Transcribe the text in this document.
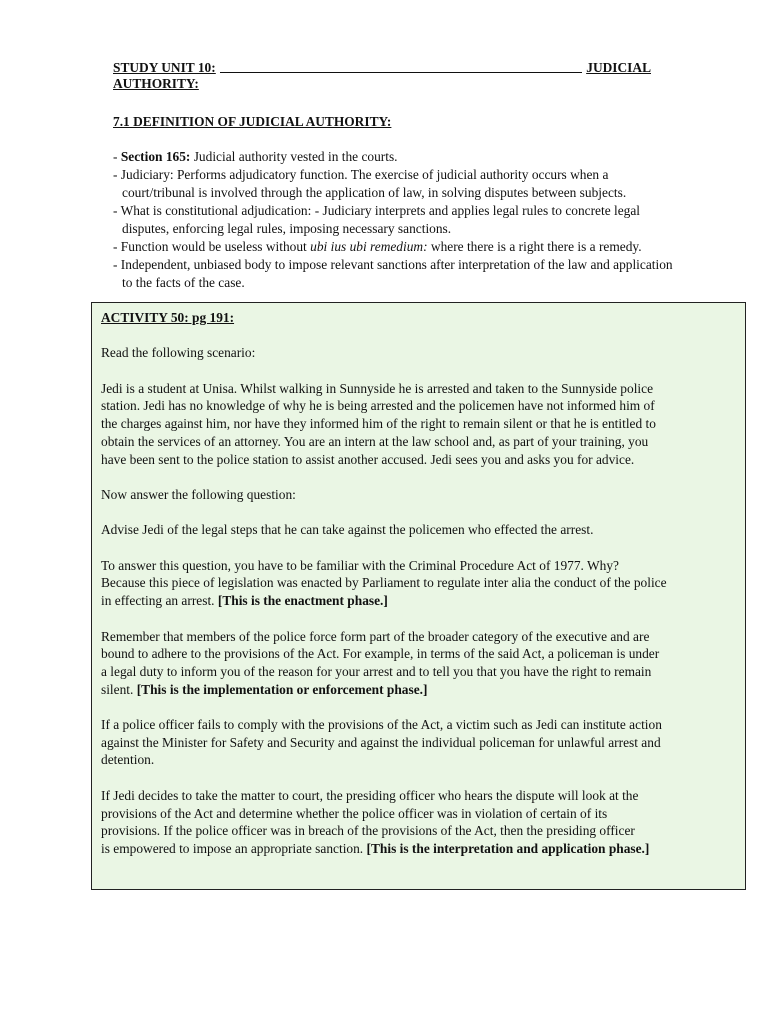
STUDY UNIT 10:	JUDICIAL
AUTHORITY:
7.1 DEFINITION OF JUDICIAL AUTHORITY:
- Section 165: Judicial authority vested in the courts.
- Judiciary: Performs adjudicatory function. The exercise of judicial authority occurs when a
court/tribunal is involved through the application of law, in solving disputes between subjects.
- What is constitutional adjudication: - Judiciary interprets and applies legal rules to concrete legal
disputes, enforcing legal rules, imposing necessary sanctions.
- Function would be useless without ubi ius ubi remedium: where there is a right there is a remedy.
- Independent, unbiased body to impose relevant sanctions after interpretation of the law and application
to the facts of the case.

ACTIVITY 50: pg 191:

Read the following scenario:

Jedi is a student at Unisa. Whilst walking in Sunnyside he is arrested and taken to the Sunnyside police
station. Jedi has no knowledge of why he is being arrested and the policemen have not informed him of
the charges against him, nor have they informed him of the right to remain silent or that he is entitled to
obtain the services of an attorney. You are an intern at the law school and, as part of your training, you
have been sent to the police station to assist another accused. Jedi sees you and asks you for advice.

Now answer the following question:

Advise Jedi of the legal steps that he can take against the policemen who effected the arrest.

To answer this question, you have to be familiar with the Criminal Procedure Act of 1977. Why?
Because this piece of legislation was enacted by Parliament to regulate inter alia the conduct of the police
in effecting an arrest. [This is the enactment phase.]

Remember that members of the police force form part of the broader category of the executive and are
bound to adhere to the provisions of the Act. For example, in terms of the said Act, a policeman is under
a legal duty to inform you of the reason for your arrest and to tell you that you have the right to remain
silent. [This is the implementation or enforcement phase.]

If a police officer fails to comply with the provisions of the Act, a victim such as Jedi can institute action
against the Minister for Safety and Security and against the individual policeman for unlawful arrest and
detention.

If Jedi decides to take the matter to court, the presiding officer who hears the dispute will look at the
provisions of the Act and determine whether the police officer was in violation of certain of its
provisions. If the police officer was in breach of the provisions of the Act, then the presiding officer
is empowered to impose an appropriate sanction. [This is the interpretation and application phase.]
